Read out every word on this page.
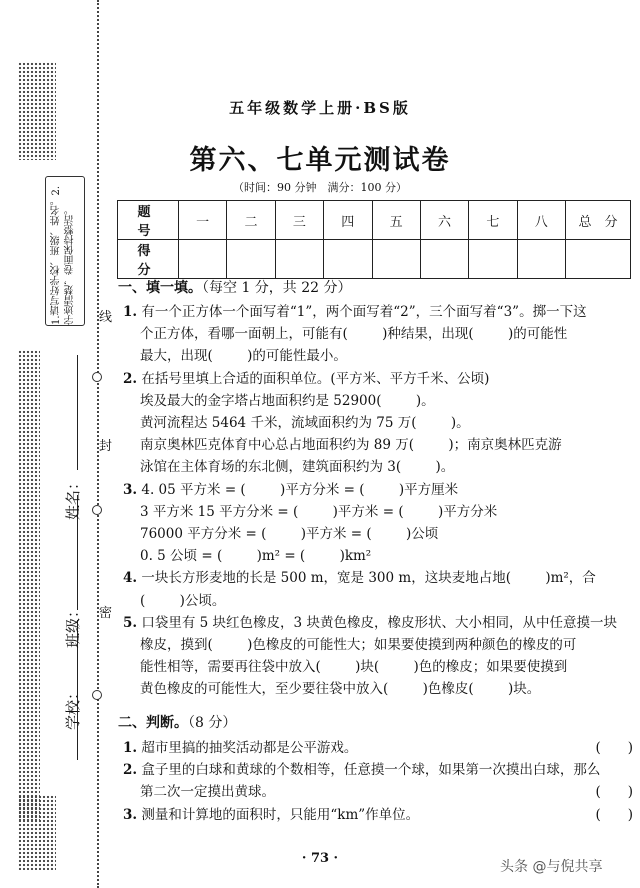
1.请写好学校、班级、姓名。2.字迹清楚，卷面保持整洁。
学校：
班级：
姓名：
密
封
线
五年级数学上册·BS版
第六、七单元测试卷
（时间：90 分钟　满分：100 分）
题　号	一	二	三	四	五	六	七	八	总　分
得　分									
一、填一填。（每空 1 分，共 22 分）
1. 有一个正方体一个面写着“1”，两个面写着“2”，三个面写着“3”。掷一下这
个正方体，看哪一面朝上，可能有(	)种结果，出现(	)的可能性
最大，出现(	)的可能性最小。
2. 在括号里填上合适的面积单位。(平方米、平方千米、公顷)
埃及最大的金字塔占地面积约是 52900(	)。
黄河流程达 5464 千米，流域面积约为 75 万(	)。
南京奥林匹克体育中心总占地面积约为 89 万(	)；南京奥林匹克游
泳馆在主体育场的东北侧，建筑面积约为 3(	)。
3. 4. 05 平方米 = (	)平方分米 = (	)平方厘米
3 平方米 15 平方分米 = (	)平方米 = (	)平方分米
76000 平方分米 = (	)平方米 = (	)公顷
0. 5 公顷 = (	)m² = (	)km²
4. 一块长方形麦地的长是 500 m，宽是 300 m，这块麦地占地(	)m²，合
(	)公顷。
5. 口袋里有 5 块红色橡皮，3 块黄色橡皮，橡皮形状、大小相同，从中任意摸一块
橡皮，摸到(	)色橡皮的可能性大；如果要使摸到两种颜色的橡皮的可
能性相等，需要再往袋中放入(	)块(	)色的橡皮；如果要使摸到
黄色橡皮的可能性大，至少要往袋中放入(	)色橡皮(	)块。
二、判断。（8 分）
1. 超市里搞的抽奖活动都是公平游戏。	(　　)
2. 盒子里的白球和黄球的个数相等，任意摸一个球，如果第一次摸出白球，那么
第二次一定摸出黄球。	(　　)
3. 测量和计算地的面积时，只能用“km”作单位。	(　　)
· 73 ·
头条 @与倪共享
